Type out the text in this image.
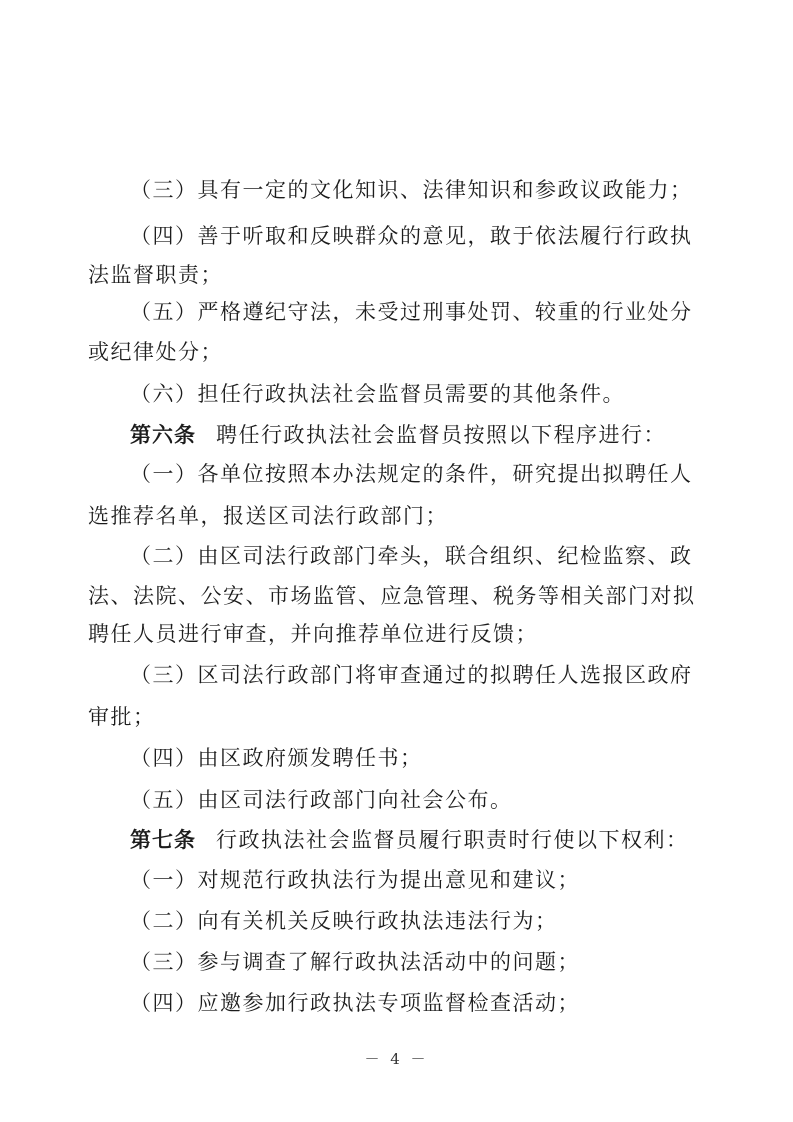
（三）具有一定的文化知识、法律知识和参政议政能力；
（四）善于听取和反映群众的意见，敢于依法履行行政执
法监督职责；
（五）严格遵纪守法，未受过刑事处罚、较重的行业处分
或纪律处分；
（六）担任行政执法社会监督员需要的其他条件。
第六条 聘任行政执法社会监督员按照以下程序进行：
（一）各单位按照本办法规定的条件，研究提出拟聘任人
选推荐名单，报送区司法行政部门；
（二）由区司法行政部门牵头，联合组织、纪检监察、政
法、法院、公安、市场监管、应急管理、税务等相关部门对拟
聘任人员进行审查，并向推荐单位进行反馈；
（三）区司法行政部门将审查通过的拟聘任人选报区政府
审批；
（四）由区政府颁发聘任书；
（五）由区司法行政部门向社会公布。
第七条 行政执法社会监督员履行职责时行使以下权利：
（一）对规范行政执法行为提出意见和建议；
（二）向有关机关反映行政执法违法行为；
（三）参与调查了解行政执法活动中的问题；
（四）应邀参加行政执法专项监督检查活动；
－ 4 －
